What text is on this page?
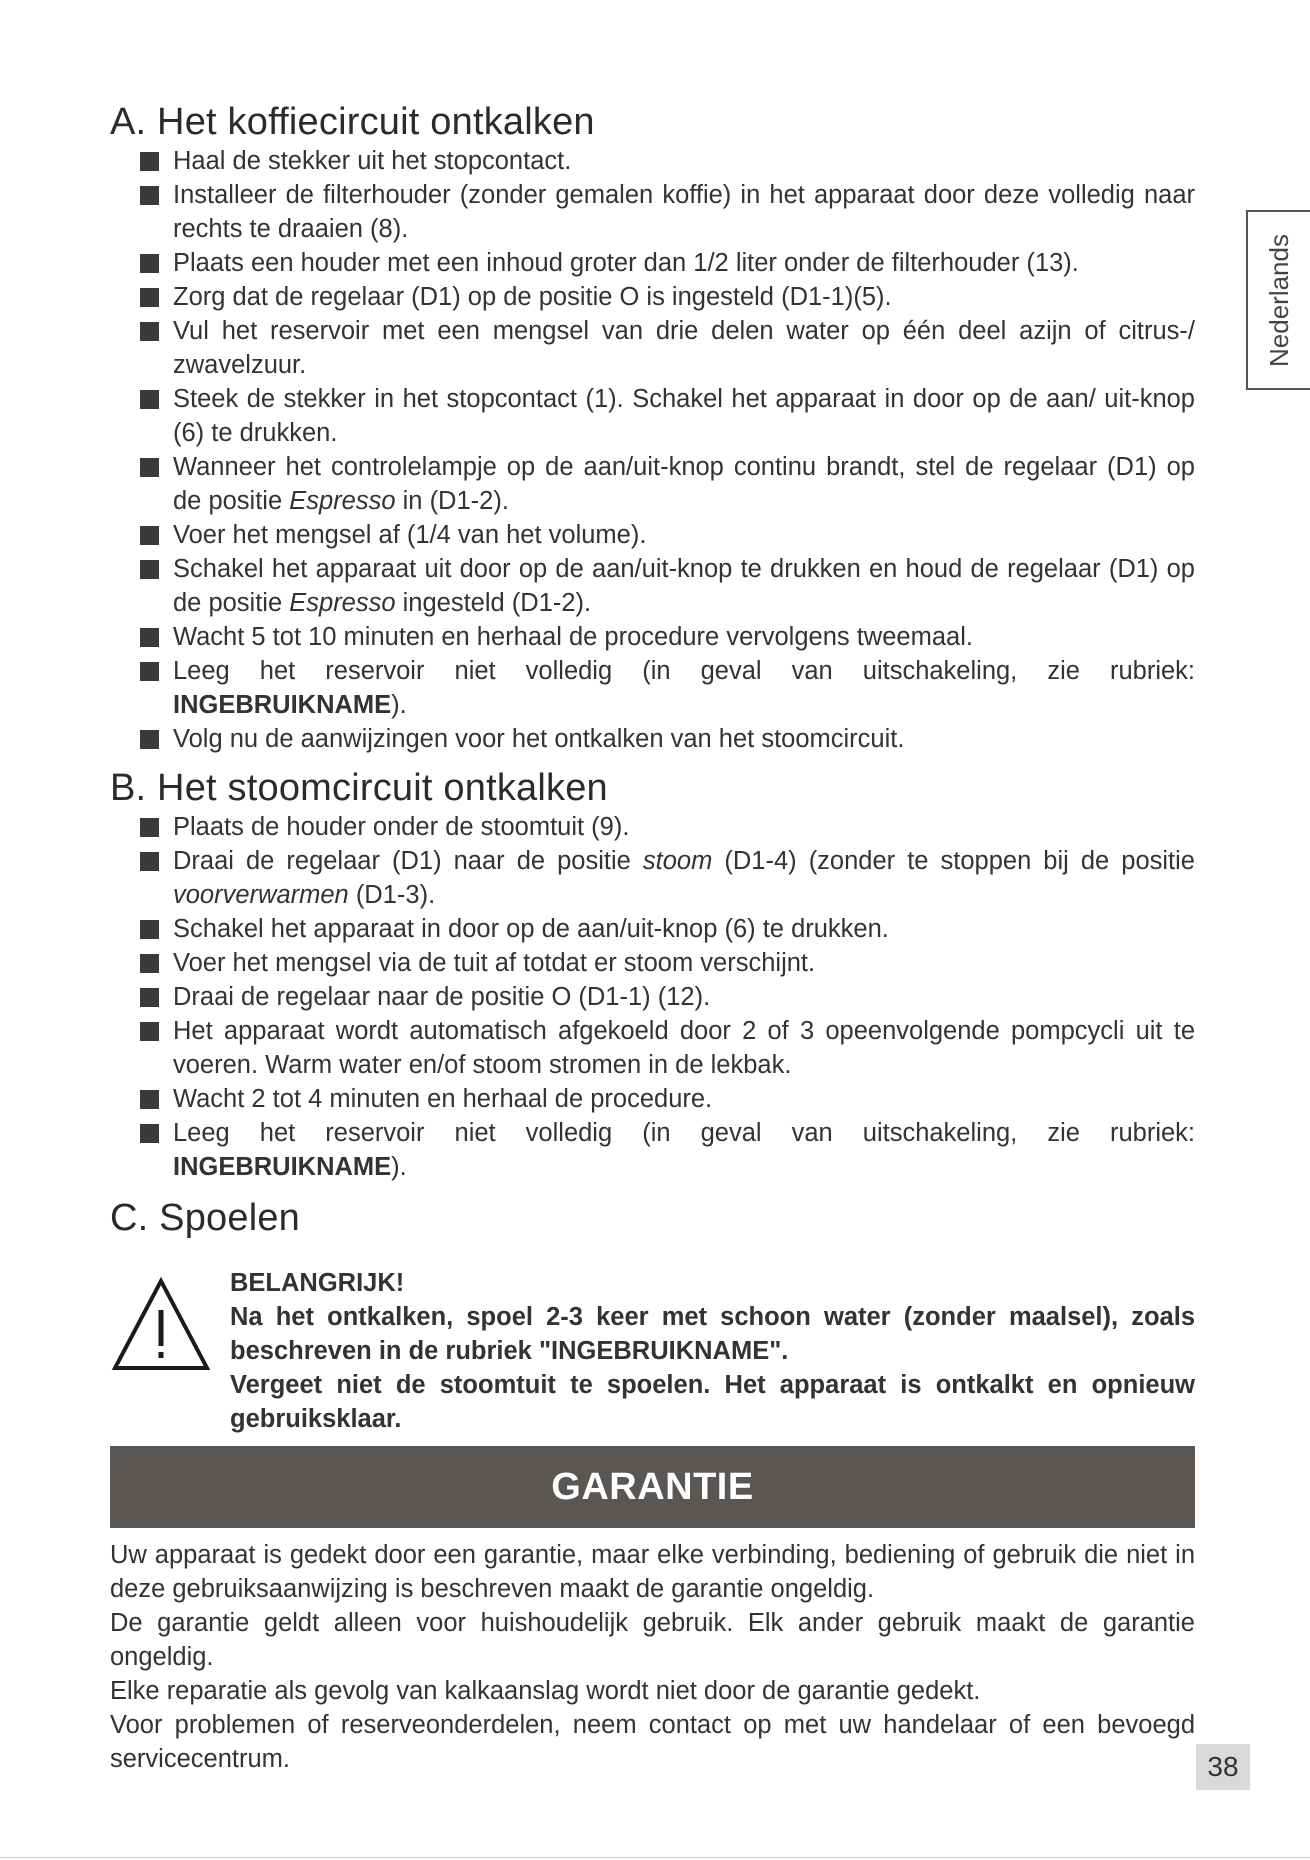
Nederlands
A. Het koffiecircuit ontkalken
Haal de stekker uit het stopcontact.
Installeer de filterhouder (zonder gemalen koffie) in het apparaat door deze volledig naar rechts te draaien (8).
Plaats een houder met een inhoud groter dan 1/2 liter onder de filterhouder (13).
Zorg dat de regelaar (D1) op de positie O is ingesteld (D1-1)(5).
Vul het reservoir met een mengsel van drie delen water op één deel azijn of citrus-/ zwavelzuur.
Steek de stekker in het stopcontact (1). Schakel het apparaat in door op de aan/ uit-knop (6) te drukken.
Wanneer het controlelampje op de aan/uit-knop continu brandt, stel de regelaar (D1) op de positie Espresso in (D1-2).
Voer het mengsel af (1/4 van het volume).
Schakel het apparaat uit door op de aan/uit-knop te drukken en houd de regelaar (D1) op de positie Espresso ingesteld (D1-2).
Wacht 5 tot 10 minuten en herhaal de procedure vervolgens tweemaal.
Leeg het reservoir niet volledig (in geval van uitschakeling, zie rubriek: INGEBRUIKNAME).
Volg nu de aanwijzingen voor het ontkalken van het stoomcircuit.
B. Het stoomcircuit ontkalken
Plaats de houder onder de stoomtuit (9).
Draai de regelaar (D1) naar de positie stoom (D1-4) (zonder te stoppen bij de positie voorverwarmen (D1-3).
Schakel het apparaat in door op de aan/uit-knop (6) te drukken.
Voer het mengsel via de tuit af totdat er stoom verschijnt.
Draai de regelaar naar de positie O (D1-1) (12).
Het apparaat wordt automatisch afgekoeld door 2 of 3 opeenvolgende pompcycli uit te voeren. Warm water en/of stoom stromen in de lekbak.
Wacht 2 tot 4 minuten en herhaal de procedure.
Leeg het reservoir niet volledig (in geval van uitschakeling, zie rubriek: INGEBRUIKNAME).
C. Spoelen
BELANGRIJK!
Na het ontkalken, spoel 2-3 keer met schoon water (zonder maalsel), zoals beschreven in de rubriek "INGEBRUIKNAME".
Vergeet niet de stoomtuit te spoelen. Het apparaat is ontkalkt en opnieuw gebruiksklaar.
GARANTIE

Uw apparaat is gedekt door een garantie, maar elke verbinding, bediening of gebruik die niet in deze gebruiksaanwijzing is beschreven maakt de garantie ongeldig.

De garantie geldt alleen voor huishoudelijk gebruik. Elk ander gebruik maakt de garantie ongeldig.

Elke reparatie als gevolg van kalkaanslag wordt niet door de garantie gedekt.

Voor problemen of reserveonderdelen, neem contact op met uw handelaar of een bevoegd servicecentrum.	38
